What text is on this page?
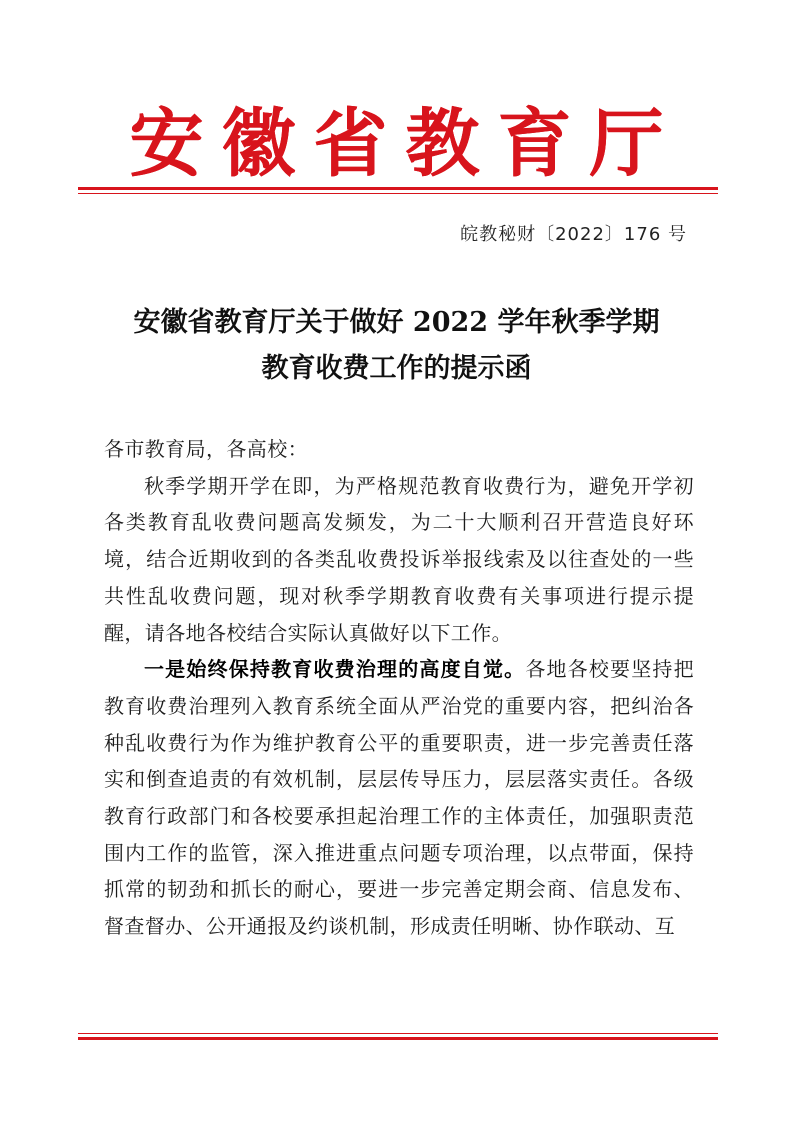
安徽省教育厅
皖教秘财〔2022〕176 号
安徽省教育厅关于做好 2022 学年秋季学期
教育收费工作的提示函

各市教育局，各高校：

秋季学期开学在即，为严格规范教育收费行为，避免开学初各类教育乱收费问题高发频发，为二十大顺利召开营造良好环境，结合近期收到的各类乱收费投诉举报线索及以往查处的一些共性乱收费问题，现对秋季学期教育收费有关事项进行提示提醒，请各地各校结合实际认真做好以下工作。

一是始终保持教育收费治理的高度自觉。各地各校要坚持把教育收费治理列入教育系统全面从严治党的重要内容，把纠治各种乱收费行为作为维护教育公平的重要职责，进一步完善责任落实和倒查追责的有效机制，层层传导压力，层层落实责任。各级教育行政部门和各校要承担起治理工作的主体责任，加强职责范围内工作的监管，深入推进重点问题专项治理，以点带面，保持抓常的韧劲和抓长的耐心，要进一步完善定期会商、信息发布、督查督办、公开通报及约谈机制，形成责任明晰、协作联动、互
